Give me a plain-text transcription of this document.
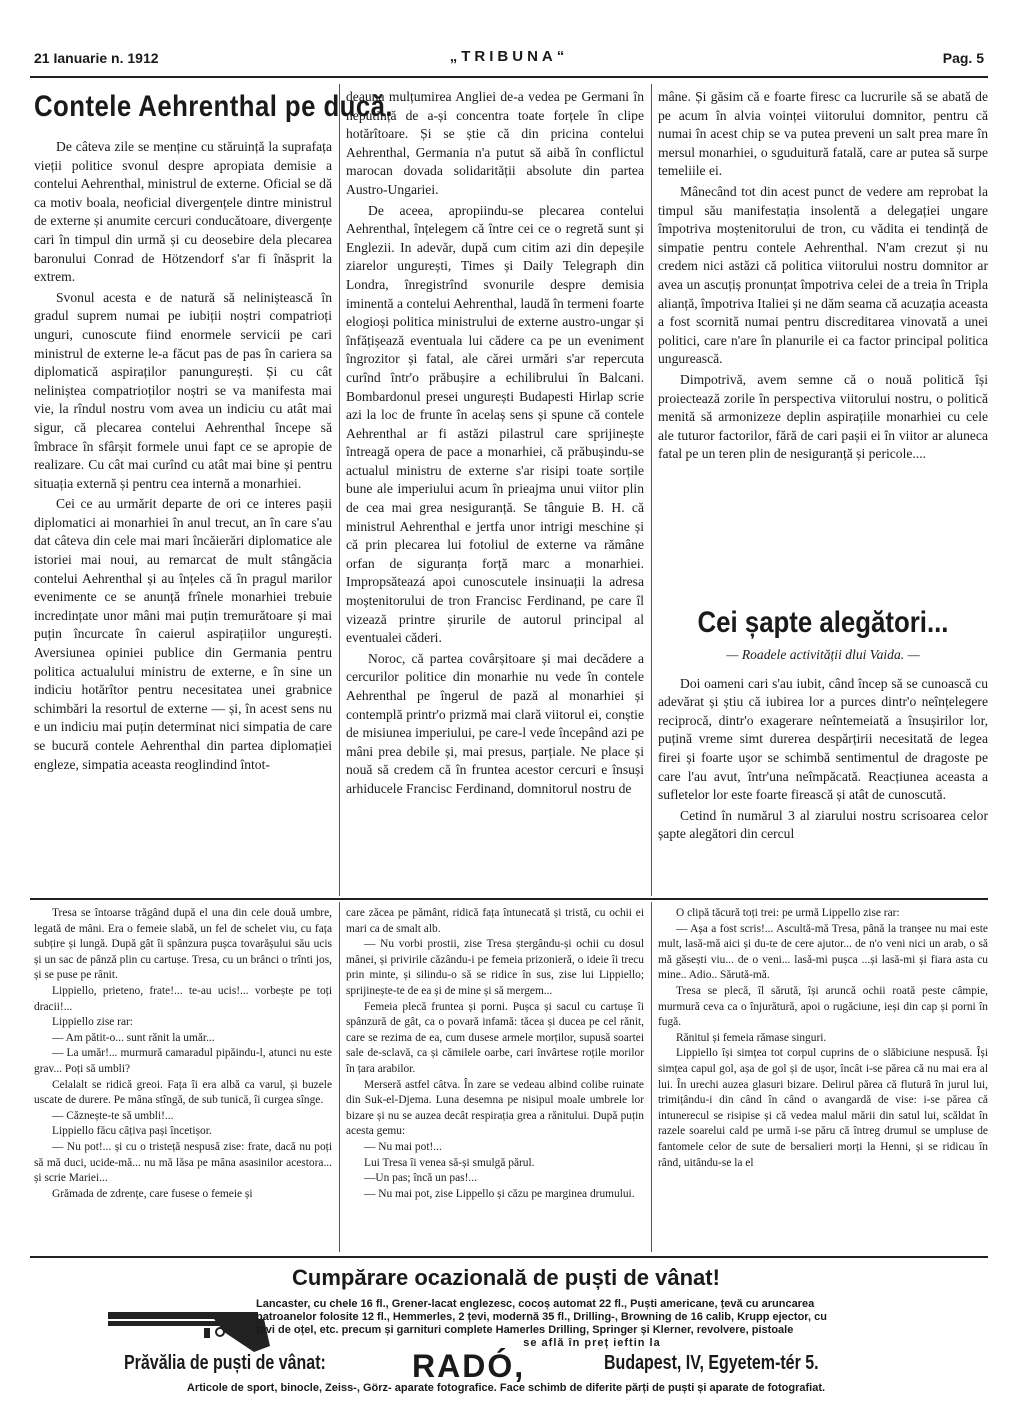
21 Ianuarie n. 1912	„TRIBUNA“	Pag. 5
Contele Aehrenthal pe ducă.

De câteva zile se menține cu stăruință la suprafața vieții politice svonul despre apropiata demisie a contelui Aehrenthal, ministrul de externe. Oficial se dă ca motiv boala, neoficial divergențele dintre ministrul de externe și anumite cercuri conducătoare, divergențe cari în timpul din urmă și cu deosebire dela plecarea baronului Conrad de Hötzendorf s'ar fi înăsprit la extrem.

Svonul acesta e de natură să neliniștească în gradul suprem numai pe iubiții noștri compatrioți unguri, cunoscute fiind enormele servicii pe cari ministrul de externe le-a făcut pas de pas în cariera sa diplomatică aspiraților panungurești. Și cu cât neliniștea compatrioților noștri se va manifesta mai vie, la rîndul nostru vom avea un indiciu cu atât mai sigur, că plecarea contelui Aehrenthal începe să îmbrace în sfârșit formele unui fapt ce se apropie de realizare. Cu cât mai curînd cu atât mai bine și pentru situația externă și pentru cea internă a monarhiei.

Cei ce au urmărit departe de ori ce interes pașii diplomatici ai monarhiei în anul trecut, an în care s'au dat câteva din cele mai mari încăierări diplomatice ale istoriei mai noui, au remarcat de mult stângăcia contelui Aehrenthal și au înțeles că în pragul marilor evenimente ce se anunță frînele monarhiei trebuie incredințate unor mâni mai puțin tremurătoare și mai puțin încurcate în caierul aspirațiilor ungurești. Aversiunea opiniei publice din Germania pentru politica actualului ministru de externe, e în sine un indiciu hotărîtor pentru necesitatea unei grabnice schimbări la resortul de externe — și, în acest sens nu e un indiciu mai puțin determinat nici simpatia de care se bucură contele Aehrenthal din partea diplomației engleze, simpatia aceasta reoglindind întot-

deauna mulțumirea Angliei de-a vedea pe Germani în neputință de a-și concentra toate forțele în clipe hotărîtoare. Și se știe că din pricina contelui Aehrenthal, Germania n'a putut să aibă în conflictul marocan dovada solidarității absolute din partea Austro-Ungariei.

De aceea, apropiindu-se plecarea contelui Aehrenthal, înțelegem că între cei ce o regretă sunt și Englezii. In adevăr, după cum citim azi din depeșile ziarelor ungurești, Times și Daily Telegraph din Londra, înregistrînd svonurile despre demisia iminentă a contelui Aehrenthal, laudă în termeni foarte elogioși politica ministrului de externe austro-ungar și înfățișează eventuala lui cădere ca pe un eveniment îngrozitor și fatal, ale cărei urmări s'ar repercuta curînd într'o prăbușire a echilibrului în Balcani. Bombardonul presei ungurești Budapesti Hirlap scrie azi la loc de frunte în acelaș sens și spune că contele Aehrenthal ar fi astăzi pilastrul care sprijinește întreagă opera de pace a monarhiei, că prăbușindu-se actualul ministru de externe s'ar risipi toate sorțile bune ale imperiului acum în prieajma unui viitor plin de cea mai grea nesiguranță. Se tânguie B. H. că ministrul Aehrenthal e jertfa unor intrigi meschine și că prin plecarea lui fotoliul de externe va rămâne orfan de siguranța forță marc a monarhiei. Impropsăteazá apoi cunoscutele insinuații la adresa moștenitorului de tron Francisc Ferdinand, pe care îl vizează printre șirurile de autorul principal al eventualei căderi.

Noroc, că partea covârșitoare și mai decădere a cercurilor politice din monarhie nu vede în contele Aehrenthal pe îngerul de pază al monarhiei și contemplă printr'o prizmă mai clară viitorul ei, conștie de misiunea imperiului, pe care-l vede începând azi pe mâni prea debile și, mai presus, parțiale. Ne place și nouă să credem că în fruntea acestor cercuri e însuși arhiducele Francisc Ferdinand, domnitorul nostru de

mâne. Și găsim că e foarte firesc ca lucrurile să se abată de pe acum în alvia voinței viitorului domnitor, pentru că numai în acest chip se va putea preveni un salt prea mare în mersul monarhiei, o sguduitură fatală, care ar putea să surpe temeliile ei.

Mânecând tot din acest punct de vedere am reprobat la timpul său manifestația insolentă a delegației ungare împotriva moștenitorului de tron, cu vădita ei tendință de simpatie pentru contele Aehrenthal. N'am crezut și nu credem nici astăzi că politica viitorului nostru domnitor ar avea un ascuțiș pronunțat împotriva celei de a treia în Tripla alianță, împotriva Italiei și ne dăm seama că acuzația aceasta a fost scornită numai pentru discreditarea vinovată a unei politici, care n'are în planurile ei ca factor principal politica ungurească.

Dimpotrivă, avem semne că o nouă politică își proiectează zorile în perspectiva viitorului nostru, o politică menită să armonizeze deplin aspirațiile monarhiei cu cele ale tuturor factorilor, fără de cari pașii ei în viitor ar aluneca fatal pe un teren plin de nesiguranță și pericole....

Cei șapte alegători...
— Roadele activității dlui Vaida. —

Doi oameni cari s'au iubit, când încep să se cunoască cu adevărat și știu că iubirea lor a purces dintr'o neînțelegere reciprocă, dintr'o exagerare neîntemeiată a însușirilor lor, puțină vreme simt durerea despărțirii necesitată de legea firei și foarte ușor se schimbă sentimentul de dragoste pe care l'au avut, într'una neîmpăcată. Reacțiunea aceasta a sufletelor lor este foarte firească și atât de cunoscută.

Cetind în numărul 3 al ziarului nostru scrisoarea celor șapte alegători din cercul

Tresa se întoarse trăgând după el una din cele două umbre, legată de mâni. Era o femeie slabă, un fel de schelet viu, cu fața subțire și lungă. După gât îi spânzura pușca tovarășului său ucis și un sac de pânză plin cu cartușe. Tresa, cu un brânci o trînti jos, și se puse pe rânit.

Lippiello, prieteno, frate!... te-au ucis!... vorbește pe toți dracii!...

Lippiello zise rar:

— Am pătit-o... sunt rănit la umăr...

— La umăr!... murmură camaradul pipăindu-l, atunci nu este grav... Poți să umbli?

Celalalt se ridică greoi. Fața îi era albă ca varul, și buzele uscate de durere. Pe mâna stîngă, de sub tunică, îi curgea sînge.

— Căznește-te să umbli!...

Lippiello făcu câțiva pași încetișor.

— Nu pot!... și cu o tristeță nespusă zise: frate, dacă nu poți să mă duci, ucide-mă... nu mă lăsa pe mâna asasinilor acestora... și scrie Mariei...

Grămada de zdrențe, care fusese o femeie și

care zăcea pe pământ, ridică fața întunecată și tristă, cu ochii ei mari ca de smalt alb.

— Nu vorbi prostii, zise Tresa ștergându-și ochii cu dosul mânei, și privirile căzându-i pe femeia prizonieră, o ideie îi trecu prin minte, și silindu-o să se ridice în sus, zise lui Lippiello; sprijinește-te de ea și de mine și să mergem...

Femeia plecă frunteа și porni. Pușca și sacul cu cartușe îi spânzură de gât, ca o povară infamă: tăcea și ducea pe cel rănit, care se rezima de ea, cum dusese armele morților, supusă soartei sale de-sclavă, ca și cămilele oarbe, cari învârtese roțile morilor în țara arabilor.

Merseră astfel câtva. În zare se vedeau albind colibe ruinate din Suk-el-Djema. Luna desemna pe nisipul moale umbrele lor bizare și nu se auzea decât respirația grea a rănitului. După puțin acesta gemu:

— Nu mai pot!...

Lui Tresa îi venea să-și smulgă părul.

—Un pas; încă un pas!...

— Nu mai pot, zise Lippello și căzu pe marginea drumului.

O clipă tăcură toți trei: pe urmă Lippello zise rar:

— Așa a fost scris!... Ascultă-mă Tresa, până la tranșee nu mai este mult, lasă-mă aici și du-te de cere ajutor... de n'o veni nici un arab, o să mă găsești viu... de o veni... lasă-mi pușca ...și lasă-mi și fiara asta cu mine.. Adio.. Sărută-mă.

Tresa se plecă, îl sărută, își aruncă ochii roată peste câmpie, murmură ceva ca o înjurătură, apoi o rugăciune, ieși din cap și porni în fugă.

Rănitul și femeia rămase singuri.

Lippiello își simțea tot corpul cuprins de o slăbiciune nespusă. Își simțea capul gol, așa de gol și de ușor, încât i-se părea că nu mai era al lui. În urechi auzea glasuri bizare. Delirul părea că fluturâ în jurul lui, trimițându-i din când în când o avangardă de vise: i-se părea că intunerecul se risipise și că vedea malul mării din satul lui, scăldat în razele soarelui cald pe urmă i-se păru că întreg drumul se umpluse de fantomele celor de sute de bersalieri morți la Henni, și se ridicau în rând, uitându-se la el

Cumpărare ocazională de puști de vânat!
Lancaster, cu chele 16 fl., Grener-lacat englezesc, cocoș automat 22 fl., Puști americane, țevă cu aruncarea
patroanelor folosite 12 fl., Hemmerles, 2 țevi, modernă 35 fl., Drilling-, Browning de 16 calib, Krupp ejector, cu
țevi de oțel, etc. precum și garnituri complete Hamerles Drilling, Springer și Klerner, revolvere, pistoale
se află în preț ieftin la
Prăvălia de puști de vânat:	RADÓ,	Budapest, IV, Egyetem-tér 5.
Articole de sport, binocle, Zeiss-, Görz- aparate fotografice. Face schimb de diferite părți de puști și aparate de fotografiat.
